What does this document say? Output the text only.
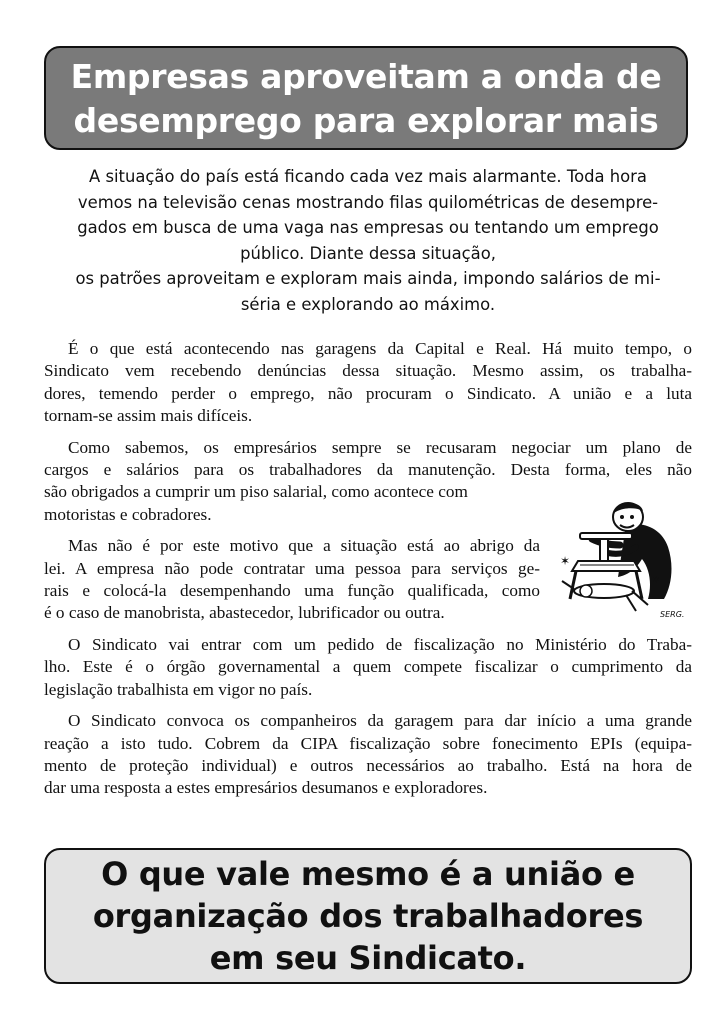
Empresas aproveitam a onda de
desemprego para explorar mais
A situação do país está ficando cada vez mais alarmante. Toda hora
vemos na televisão cenas mostrando filas quilométricas de desempre-
gados em busca de uma vaga nas empresas ou tentando um emprego
público. Diante dessa situação,
os patrões aproveitam e exploram mais ainda, impondo salários de mi-
séria e explorando ao máximo.
É o que está acontecendo nas garagens da Capital e Real. Há muito tempo, o
Sindicato vem recebendo denúncias dessa situação. Mesmo assim, os trabalha-
dores, temendo perder o emprego, não procuram o Sindicato. A união e a luta
tornam-se assim mais difíceis.
Como sabemos, os empresários sempre se recusaram negociar um plano de
cargos e salários para os trabalhadores da manutenção. Desta forma, eles não
são obrigados a cumprir um piso salarial, como acontece com
motoristas e cobradores.
Mas não é por este motivo que a situação está ao abrigo da
lei. A empresa não pode contratar uma pessoa para serviços ge-
rais e colocá-la desempenhando uma função qualificada, como
é o caso de manobrista, abastecedor, lubrificador ou outra.
O Sindicato vai entrar com um pedido de fiscalização no Ministério do Traba-
lho. Este é o órgão governamental a quem compete fiscalizar o cumprimento da
legislação trabalhista em vigor no país.
O Sindicato convoca os companheiros da garagem para dar início a uma grande
reação a isto tudo. Cobrem da CIPA fiscalização sobre fonecimento EPIs (equipa-
mento de proteção individual) e outros necessários ao trabalho. Está na hora de
dar uma resposta a estes empresários desumanos e exploradores.
✶
✶
SERG.
O que vale mesmo é a união e
organização dos trabalhadores
em seu Sindicato.
